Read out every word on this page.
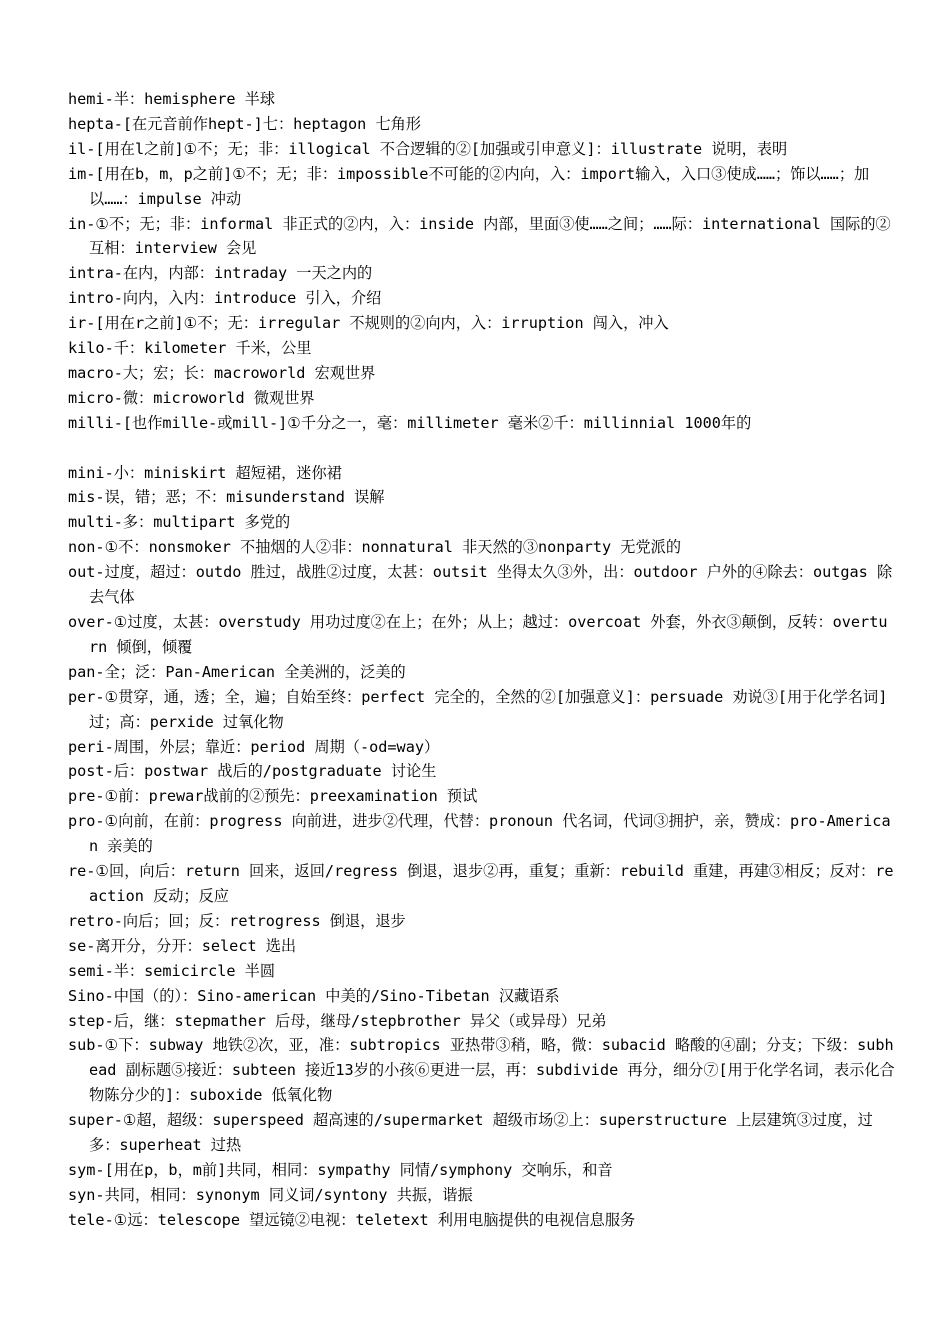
hemi-半：hemisphere 半球

hepta-[在元音前作hept-]七：heptagon 七角形

il-[用在l之前]①不；无；非：illogical 不合逻辑的②[加强或引申意义]：illustrate 说明，表明

im-[用在b，m，p之前]①不；无；非：impossible不可能的②内向，入：import输入，入口③使成……；饰以……；加以……：impulse 冲动

in-①不；无；非：informal 非正式的②内，入：inside 内部，里面③使……之间；……际：international 国际的②互相：interview 会见

intra-在内，内部：intraday 一天之内的

intro-向内，入内：introduce 引入，介绍

ir-[用在r之前]①不；无：irregular 不规则的②向内，入：irruption 闯入，冲入

kilo-千：kilometer 千米，公里

macro-大；宏；长：macroworld 宏观世界

micro-微：microworld 微观世界

milli-[也作mille-或mill-]①千分之一，毫：millimeter 毫米②千：millinnial 1000年的

mini-小：miniskirt 超短裙，迷你裙

mis-误，错；恶；不：misunderstand 误解

multi-多：multipart 多党的

non-①不：nonsmoker 不抽烟的人②非：nonnatural 非天然的③nonparty 无党派的

out-过度，超过：outdo 胜过，战胜②过度，太甚：outsit 坐得太久③外，出：outdoor 户外的④除去：outgas 除去气体

over-①过度，太甚：overstudy 用功过度②在上；在外；从上；越过：overcoat 外套，外衣③颠倒，反转：overturn 倾倒，倾覆

pan-全；泛：Pan-American 全美洲的，泛美的

per-①贯穿，通，透；全，遍；自始至终：perfect 完全的，全然的②[加强意义]：persuade 劝说③[用于化学名词]过；高：perxide 过氧化物

peri-周围，外层；靠近：period 周期（-od=way）

post-后：postwar 战后的/postgraduate 讨论生

pre-①前：prewar战前的②预先：preexamination 预试

pro-①向前，在前：progress 向前进，进步②代理，代替：pronoun 代名词，代词③拥护，亲，赞成：pro-American 亲美的

re-①回，向后：return 回来，返回/regress 倒退，退步②再，重复；重新：rebuild 重建，再建③相反；反对：reaction 反动；反应

retro-向后；回；反：retrogress 倒退，退步

se-离开分，分开：select 选出

semi-半：semicircle 半圆

Sino-中国（的）：Sino-american 中美的/Sino-Tibetan 汉藏语系

step-后，继：stepmather 后母，继母/stepbrother 异父（或异母）兄弟

sub-①下：subway 地铁②次，亚，准：subtropics 亚热带③稍，略，微：subacid 略酸的④副；分支；下级：subhead 副标题⑤接近：subteen 接近13岁的小孩⑥更进一层，再：subdivide 再分，细分⑦[用于化学名词，表示化合物陈分少的]：suboxide 低氧化物

super-①超，超级：superspeed 超高速的/supermarket 超级市场②上：superstructure 上层建筑③过度，过多：superheat 过热

sym-[用在p，b，m前]共同，相同：sympathy 同情/symphony 交响乐，和音

syn-共同，相同：synonym 同义词/syntony 共振，谐振

tele-①远：telescope 望远镜②电视：teletext 利用电脑提供的电视信息服务
